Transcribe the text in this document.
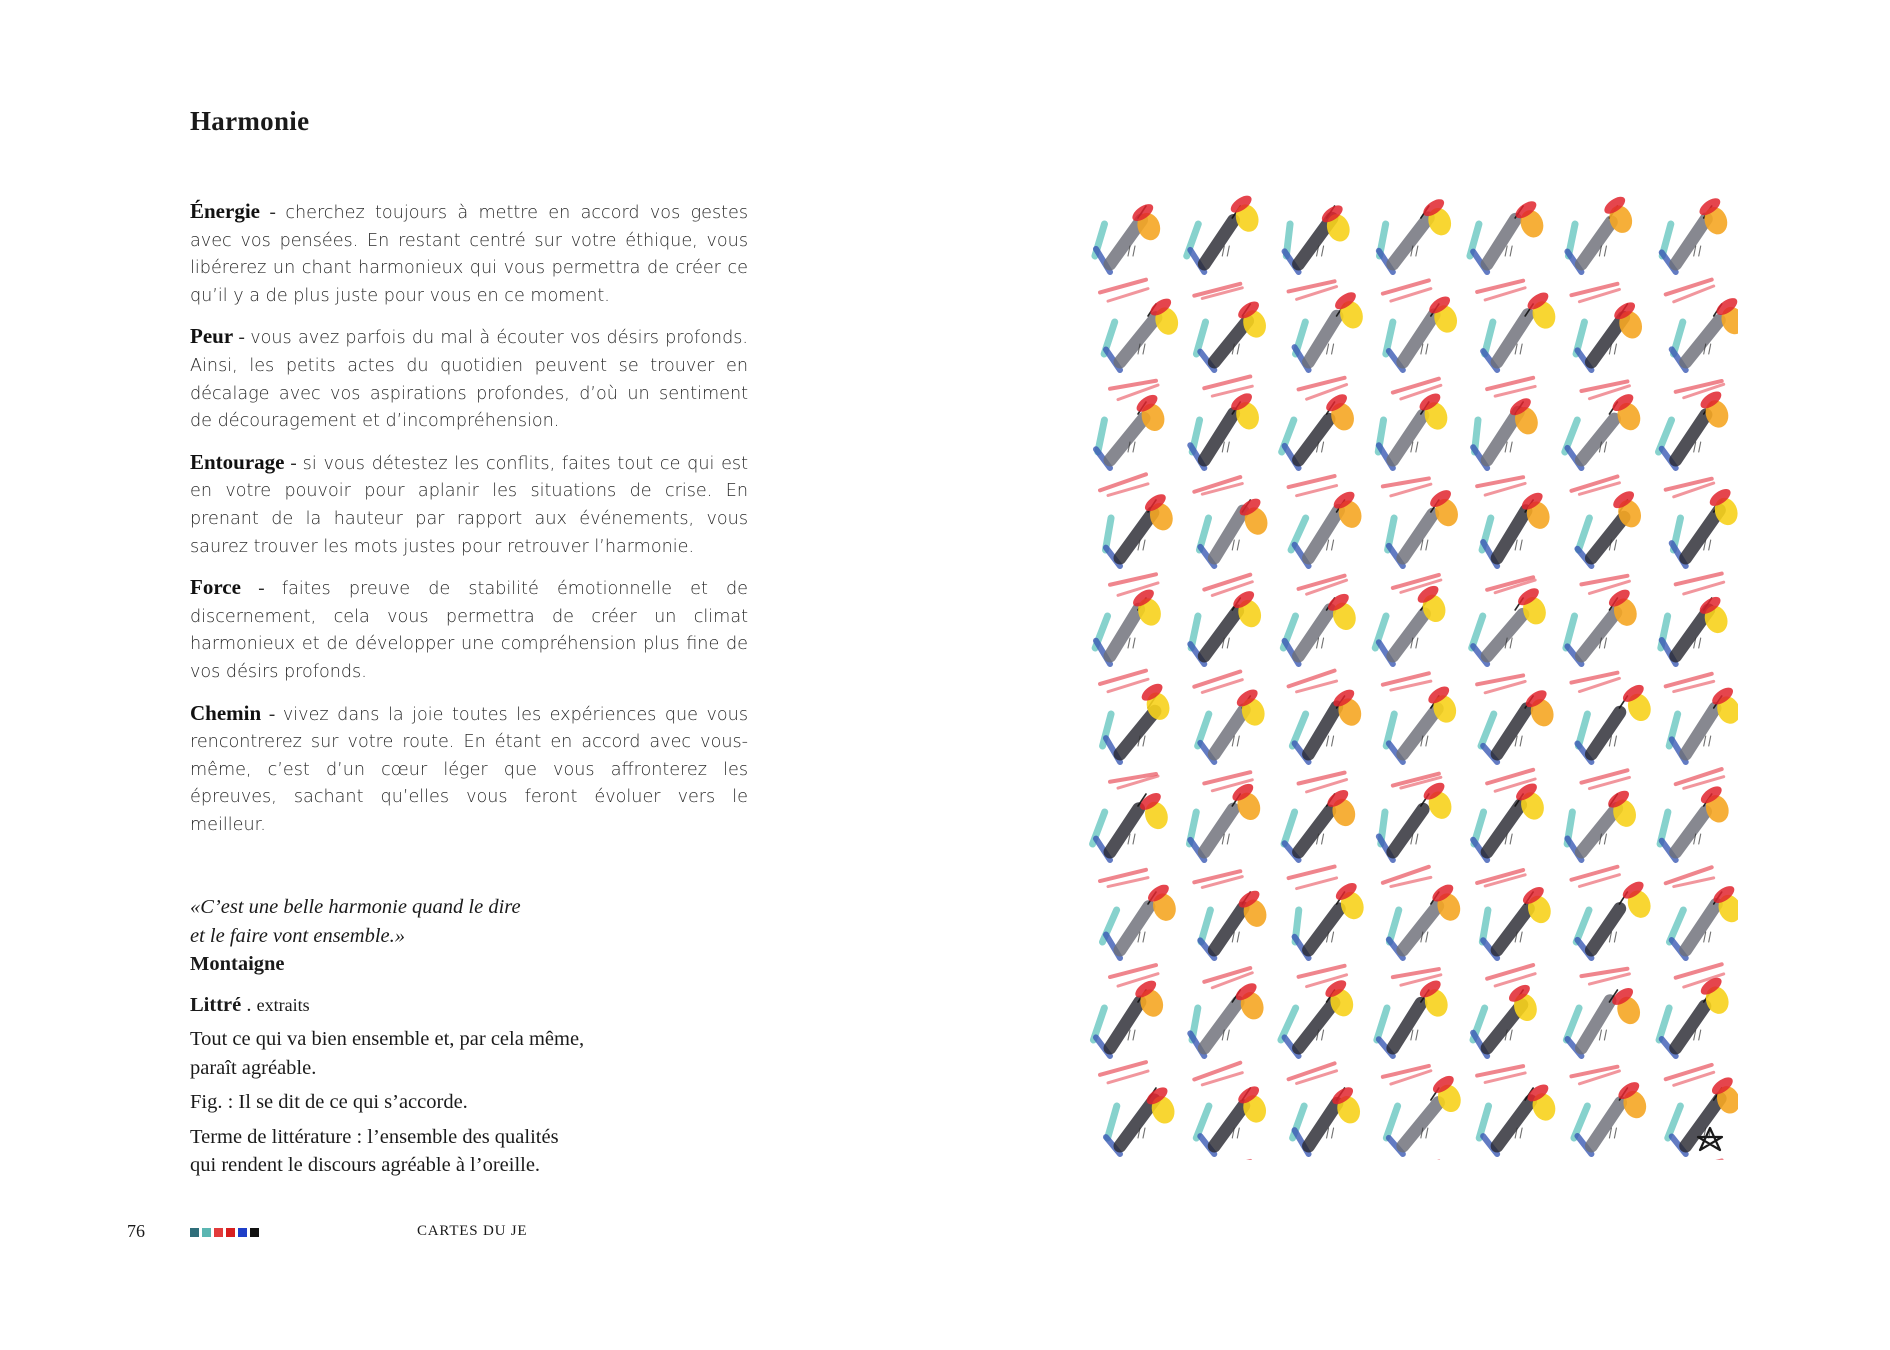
Harmonie

Énergie - cherchez toujours à mettre en accord vos gestes avec vos pensées. En restant centré sur votre éthique, vous libérerez un chant harmonieux qui vous permettra de créer ce qu’il y a de plus juste pour vous en ce moment.

Peur - vous avez parfois du mal à écouter vos désirs profonds. Ainsi, les petits actes du quotidien peuvent se trouver en décalage avec vos aspirations profondes, d’où un sentiment de découragement et d’incompréhension.

Entourage - si vous détestez les conflits, faites tout ce qui est en votre pouvoir pour aplanir les situations de crise. En prenant de la hauteur par rapport aux événements, vous saurez trouver les mots justes pour retrouver l’harmonie.

Force - faites preuve de stabilité émotionnelle et de discernement, cela vous permettra de créer un climat harmonieux et de développer une compréhension plus fine de vos désirs profonds.

Chemin - vivez dans la joie toutes les expériences que vous rencontrerez sur votre route. En étant en accord avec vous-même, c’est d’un cœur léger que vous affronterez les épreuves, sachant qu’elles vous feront évoluer vers le meilleur.

«C’est une belle harmonie quand le dire
et le faire vont ensemble.»
Montaigne
Littré . extraits
Tout ce qui va bien ensemble et, par cela même,
paraît agréable.
Fig. : Il se dit de ce qui s’accorde.
Terme de littérature : l’ensemble des qualités
qui rendent le discours agréable à l’oreille.
76	CARTES DU JE
